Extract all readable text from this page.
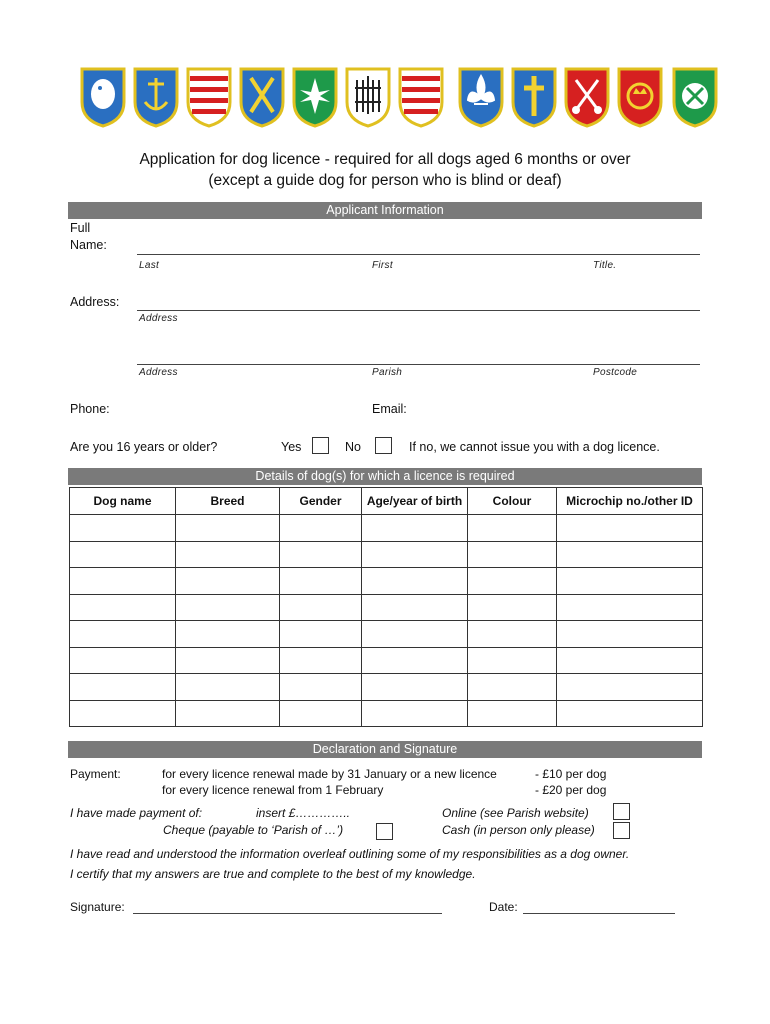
Application for dog licence - required for all dogs aged 6 months or over
(except a guide dog for person who is blind or deaf)
Applicant Information
Full
Name:
Last	First	Title.
Address:
Address
Address	Parish	Postcode
Phone:	Email:
Are you 16 years or older?	Yes	No	If no, we cannot issue you with a dog licence.
Details of dog(s) for which a licence is required
Dog name	Breed	Gender	Age/year of birth	Colour	Microchip no./other ID

Declaration and Signature
Payment:	for every licence renewal made by 31 January or a new licence	- £10 per dog
for every licence renewal from 1 February	- £20 per dog
I have made payment of:	insert £…………..	Online (see Parish website)
Cheque (payable to ‘Parish of …’)	Cash (in person only please)
I have read and understood the information overleaf outlining some of my responsibilities as a dog owner.
I certify that my answers are true and complete to the best of my knowledge.
Signature:	Date:
